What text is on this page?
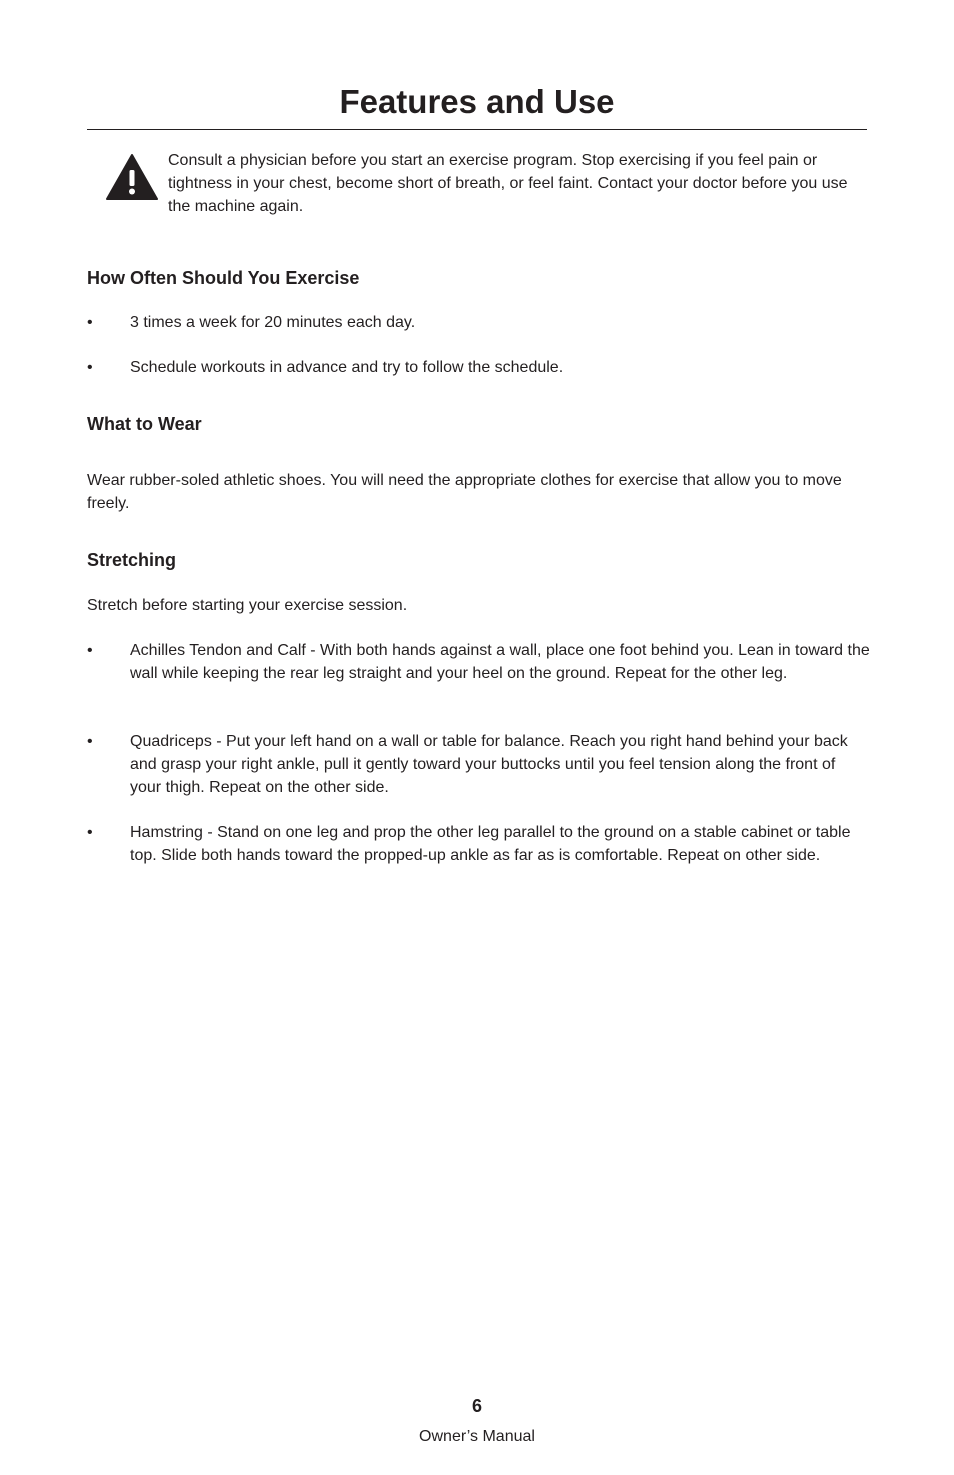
Features and Use

Consult a physician before you start an exercise program. Stop exercising if you feel pain or tightness in your chest, become short of breath, or feel faint. Contact your doctor before you use the machine again.

How Often Should You Exercise
• 3 times a week for 20 minutes each day.
• Schedule workouts in advance and try to follow the schedule.
What to Wear

Wear rubber-soled athletic shoes. You will need the appropriate clothes for exercise that allow you to move freely.

Stretching

Stretch before starting your exercise session.

• Achilles Tendon and Calf - With both hands against a wall, place one foot behind you. Lean in toward the wall while keeping the rear leg straight and your heel on the ground. Repeat for the other leg.
• Quadriceps - Put your left hand on a wall or table for balance. Reach you right hand behind your back and grasp your right ankle, pull it gently toward your buttocks until you feel tension along the front of your thigh. Repeat on the other side.
• Hamstring - Stand on one leg and prop the other leg parallel to the ground on a stable cabinet or table top. Slide both hands toward the propped-up ankle as far as is comfortable. Repeat on other side.
6
Owner’s Manual
